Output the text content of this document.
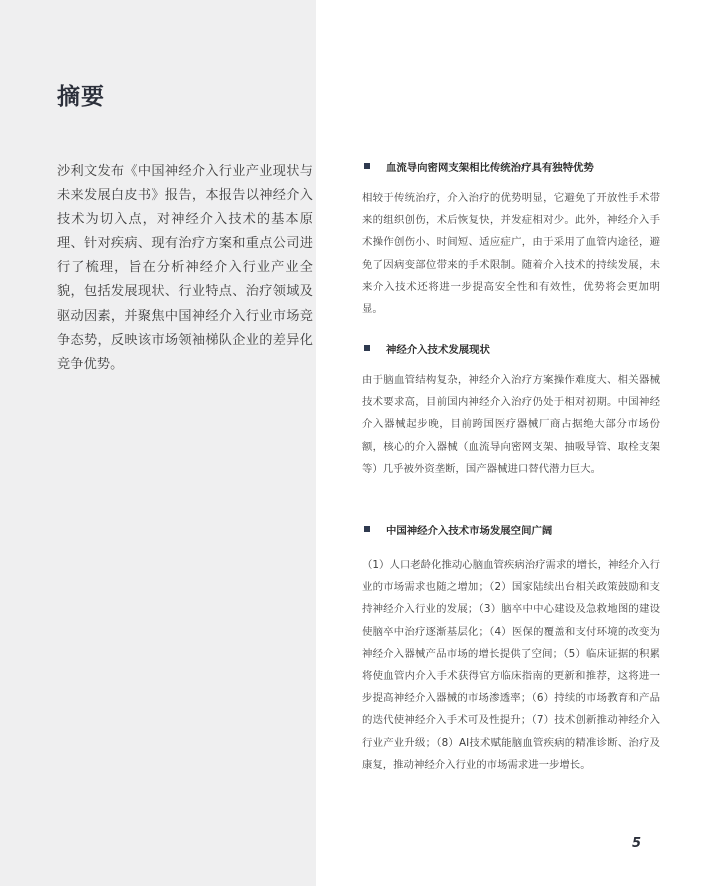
摘要

沙利文发布《中国神经介入行业产业现状与未来发展白皮书》报告，本报告以神经介入技术为切入点，对神经介入技术的基本原理、针对疾病、现有治疗方案和重点公司进行了梳理，旨在分析神经介入行业产业全貌，包括发展现状、行业特点、治疗领域及驱动因素，并聚焦中国神经介入行业市场竞争态势，反映该市场领袖梯队企业的差异化竞争优势。

血流导向密网支架相比传统治疗具有独特优势

相较于传统治疗，介入治疗的优势明显，它避免了开放性手术带来的组织创伤，术后恢复快，并发症相对少。此外，神经介入手术操作创伤小、时间短、适应症广，由于采用了血管内途径，避免了因病变部位带来的手术限制。随着介入技术的持续发展，未来介入技术还将进一步提高安全性和有效性，优势将会更加明显。

神经介入技术发展现状

由于脑血管结构复杂，神经介入治疗方案操作难度大、相关器械技术要求高，目前国内神经介入治疗仍处于相对初期。中国神经介入器械起步晚，目前跨国医疗器械厂商占据绝大部分市场份额，核心的介入器械（血流导向密网支架、抽吸导管、取栓支架等）几乎被外资垄断，国产器械进口替代潜力巨大。

中国神经介入技术市场发展空间广阔

（1）人口老龄化推动心脑血管疾病治疗需求的增长，神经介入行业的市场需求也随之增加；（2）国家陆续出台相关政策鼓励和支持神经介入行业的发展；（3）脑卒中中心建设及急救地图的建设使脑卒中治疗逐渐基层化；（4）医保的覆盖和支付环境的改变为神经介入器械产品市场的增长提供了空间；（5）临床证据的积累将使血管内介入手术获得官方临床指南的更新和推荐，这将进一步提高神经介入器械的市场渗透率；（6）持续的市场教育和产品的迭代使神经介入手术可及性提升；（7）技术创新推动神经介入行业产业升级；（8）AI技术赋能脑血管疾病的精准诊断、治疗及康复，推动神经介入行业的市场需求进一步增长。

5
